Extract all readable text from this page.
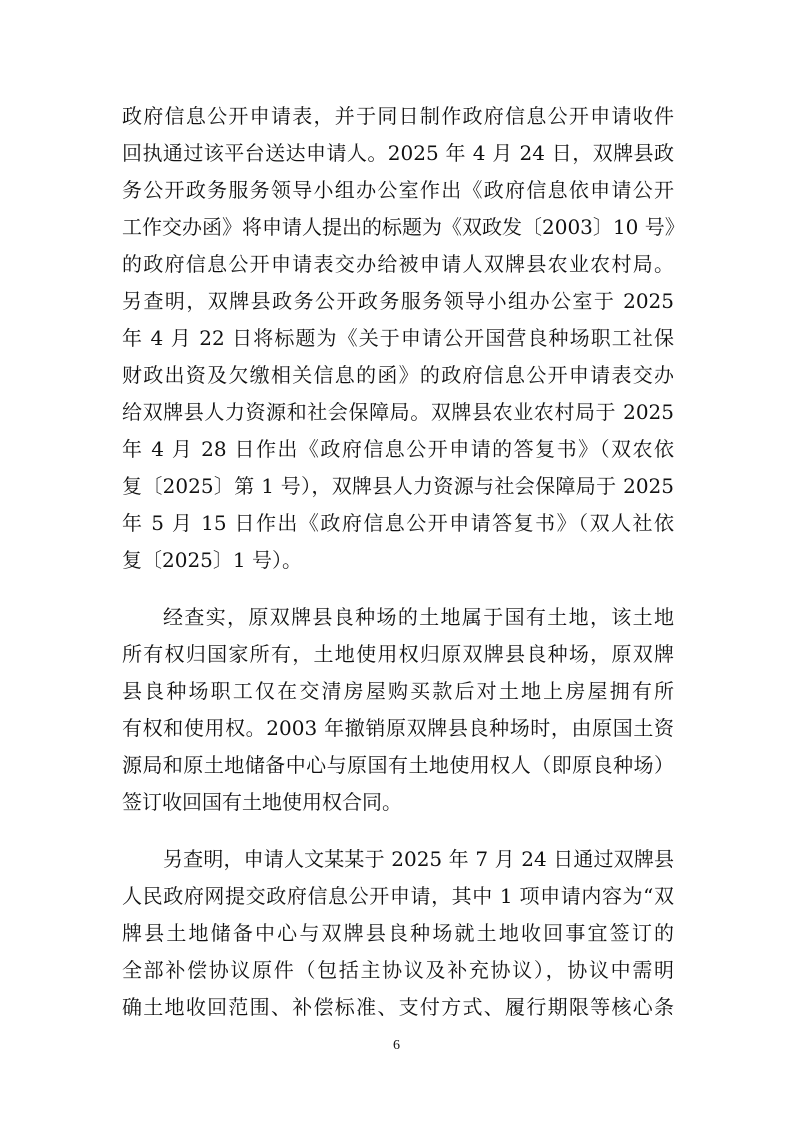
政府信息公开申请表，并于同日制作政府信息公开申请收件
回执通过该平台送达申请人。2025 年 4 月 24 日，双牌县政
务公开政务服务领导小组办公室作出《政府信息依申请公开
工作交办函》将申请人提出的标题为《双政发〔2003〕10 号》
的政府信息公开申请表交办给被申请人双牌县农业农村局。
另查明，双牌县政务公开政务服务领导小组办公室于 2025
年 4 月 22 日将标题为《关于申请公开国营良种场职工社保
财政出资及欠缴相关信息的函》的政府信息公开申请表交办
给双牌县人力资源和社会保障局。双牌县农业农村局于 2025
年 4 月 28 日作出《政府信息公开申请的答复书》（双农依
复〔2025〕第 1 号），双牌县人力资源与社会保障局于 2025
年 5 月 15 日作出《政府信息公开申请答复书》（双人社依
复〔2025〕1 号）。
经查实，原双牌县良种场的土地属于国有土地，该土地
所有权归国家所有，土地使用权归原双牌县良种场，原双牌
县良种场职工仅在交清房屋购买款后对土地上房屋拥有所
有权和使用权。2003 年撤销原双牌县良种场时，由原国土资
源局和原土地储备中心与原国有土地使用权人（即原良种场）
签订收回国有土地使用权合同。
另查明，申请人文某某于 2025 年 7 月 24 日通过双牌县
人民政府网提交政府信息公开申请，其中 1 项申请内容为“双
牌县土地储备中心与双牌县良种场就土地收回事宜签订的
全部补偿协议原件（包括主协议及补充协议），协议中需明
确土地收回范围、补偿标准、支付方式、履行期限等核心条
6
